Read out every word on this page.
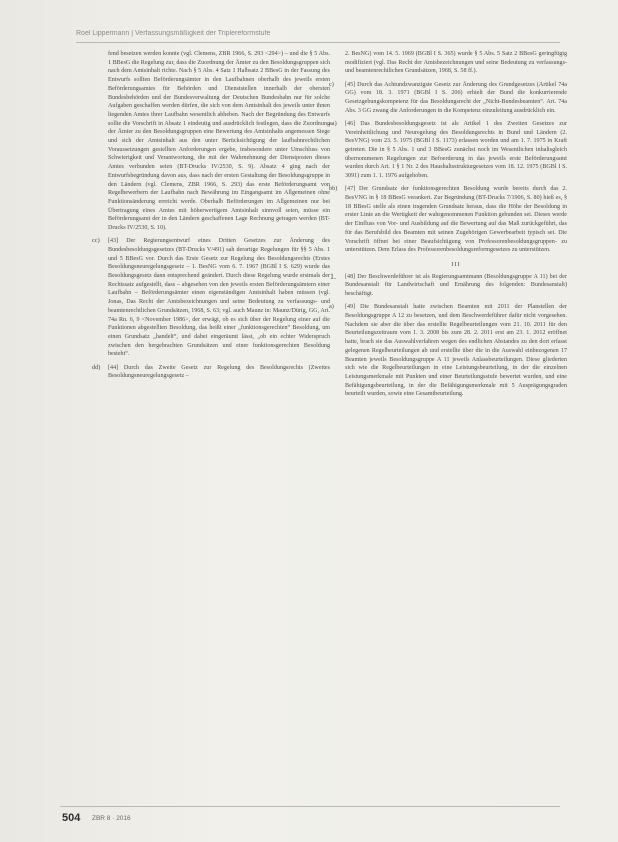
Roel Lippermann | Verfassungsmäßigkeit der Triplereformstufe
fend besetzen werden konnte (vgl. Clemens, ZBR 1966, S. 293 <294>) – und die § 5 Abs. 1 BBesG die Regelung zur, dass die Zuordnung der Ämter zu den Besoldungsgruppen sich nach dem Amtsinhalt richte. Nach § 5 Abs. 4 Satz 1 Halbsatz 2 BBesG in der Fassung des Entwurfs sollten Beförderungsämter in den Laufbahnen oberhalb des jeweils ersten Beförderungsamtes für Behörden und Dienststellen innerhalb der obersten Bundesbehörden und der Bundesverwaltung der Deutschen Bundesbahn nur für solche Aufgaben geschaffen werden dürfen, die sich von dem Amtsinhalt des jeweils unter ihnen liegenden Amtes ihrer Laufbahn wesentlich abheben. Nach der Begründung des Entwurfs sollte die Vorschrift in Absatz 1 eindeutig und ausdrücklich festlegen, dass die Zuordnung der Ämter zu den Besoldungsgruppen eine Bewertung des Amtsinhalts angemessen Siege und sich der Amtsinhalt aus den unter Berücksichtigung der laufbahnrechtlichen Voraussetzungen gestellten Anforderungen ergebe, insbesondere unter Umschluss von Schwierigkeit und Verantwortung, die mit der Wahrnehmung der Dienstposten dieses Amtes verbunden seien (BT-Drucks IV/2530, S. 9). Absatz 4 ging nach der Entwurfsbegründung davon aus, dass nach der ersten Gestaltung der Besoldungsgruppe in den Ländern (vgl. Clemens, ZBR 1966, S. 293) das erste Beförderungsamt von Regelbewerbern der Laufbahn nach Bewährung im Eingangsamt im Allgemeinen ohne Funktionsänderung erreicht werde. Oberhalb Beförderungen im Allgemeinen nur bei Übertragung eines Amtes mit höherwertigem Amtsinhalt sinnvoll seien, müsse ein Beförderungsamt der in den Ländern geschaffenen Lage Rechnung getragen werden (BT-Drucks IV/2530, S. 10).
cc) [43] Der Regierungsentwurf eines Dritten Gesetzes zur Änderung des Bundesbesoldungsgesetzes (BT-Drucks V/491) sah derartige Regelungen für §§ 5 Abs. 1 und 5 BBesG vor. Durch das Erste Gesetz zur Regelung des Besoldungsrechts (Erstes Besoldungsneuregelungsgesetz – 1. BesNG vom 6. 7. 1967 (BGBl I S. 629) wurde das Besoldungsgesetz dann entsprechend geändert. Durch diese Regelung wurde erstmals der Rechtssatz aufgestellt, dass – abgesehen von den jeweils ersten Beförderungsämtern einer Laufbahn – Beförderungsämter einen eigenständigen Amtsinhalt haben müssen (vgl. Jonas, Das Recht der Amtsbezeichnungen und seine Bedeutung zu verfassungs- und beamtenrechtlichen Grundsätzen, 1968, S. 63; vgl. auch Maunz in: Maunz/Dürig, GG, Art. 74a Rn. 6, 9 <November 1986>, der erwägt, ob es sich über der Regelung einer auf die Funktionen abgestellten Besoldung, das heißt einer „funktionsgerechten“ Besoldung, um einen Grundsatz „handelt“, und dabei eingeräumt lässt, „ob ein echter Widerspruch zwischen den hergebrachten Grundsätzen und einer funktionsgerechten Besoldung besteht“.
dd) [44] Durch das Zweite Gesetz zur Regelung des Besoldungsrechts (Zweites Besoldungsneuregelungsgesetz –
2. BesNG) vom 14. 5. 1969 (BGBl I S. 365) wurde § 5 Abs. 5 Satz 2 BBesG geringfügig modifiziert (vgl. Das Recht der Amtsbezeichnungen und seine Bedeutung zu verfassungs- und beamtenrechtlichen Grundsätzen, 1968, S. 58 ff.).
c) [45] Durch das Achtundzwanzigste Gesetz zur Änderung des Grundgesetzes (Artikel 74a GG) vom 18. 3. 1971 (BGBl I S. 206) erhielt der Bund die konkurrierende Gesetzgebungskompetenz für das Besoldungsrecht der „Nicht-Bundesbeamten“. Art. 74a Abs. 3 GG zwang die Anforderungen in die Kompetenz einzuleitung ausdrücklich ein.
aa) [46] Das Bundesbesoldungsgesetz ist als Artikel 1 des Zweiten Gesetzes zur Vereinheitlichung und Neuregelung des Besoldungsrechts in Bund und Ländern (2. BesVNG) vom 23. 5. 1975 (BGBl I S. 1173) erlassen worden und am 1. 7. 1975 in Kraft getreten. Die in § 5 Abs. 1 und 3 BBesG zunächst noch im Wesentlichen inhaltsgleich übernommenen Regelungen zur Befoerderung in das jeweils erste Beförderungsamt wurden durch Art. 1 § 1 Nr. 2 des Haushaltsstrukturgesetzes vom 18. 12. 1975 (BGBl I S. 3091) zum 1. 1. 1976 aufgehoben.
bb) [47] Der Grundsatz der funktionsgerechten Besoldung wurde bereits durch das 2. BesVNG in § 18 BBesG verankert. Zur Begründung (BT-Drucks 7/1906, S. 80) hieß es, § 18 BBesG stelle als einen tragenden Grundsatz heraus, dass die Höhe der Besoldung in erster Linie an die Wertigkeit der wahrgenommenen Funktion gebunden sei. Dieses werde der Einfluss von Vor- und Ausbildung auf die Bewertung auf das Maß zurückgeführt, das für das Berufsbild des Beamten mit seinen Zugehörigen Gewerbearbeit typisch sei. Die Vorschrift öffnet bei einer Beaufsichtigung von Professorenbesoldungsgruppen- zu unterstützen. Dem Erlass des Professorenbesoldungsreformgesetzes zu unterstützen.
III
1. [48] Der Beschwerdeführer ist als Regierungsamtmann (Besoldungsgruppe A 11) bei der Bundesanstalt für Landwirtschaft und Ernährung des folgenden: Bundesanstalt) beschäftigt.
a) [49] Die Bundesanstalt hatte zwischen Beamten mit 2011 der Planstellen der Besoldungsgruppe A 12 zu besetzen, und dem Beschwerdeführer dafür nicht vorgesehen. Nachdem sie aber die über das erstellte Regelbeurteilungen vom 21. 10. 2011 für den Beurteilungszeitraum vom 1. 3. 2008 bis zum 28. 2. 2011 erst am 23. 1. 2012 eröffnet hatte, brach sie das Auswahlverfahren wegen des endlichen Abstandes zu den dort erfasst gelegenen Regelbeurteilungen ab und erstellte über die in die Auswahl einbezogenen 17 Beamten jeweils Besoldungsgruppe A 11 jeweils Anlassbeurteilungen. Diese gliederten sich wie die Regelbeurteilungen in eine Leistungsbeurteilung, in der die einzelnen Leistungsmerkmale mit Punkten und einer Beurteilungsstufe bewertet wurden, und eine Befähigungsbeurteilung, in der die Befähigungsmerkmale mit 5 Ausprägungsgraden beurteilt wurden, sowie eine Gesamtbeurteilung.
504 ZBR 8 · 2016
